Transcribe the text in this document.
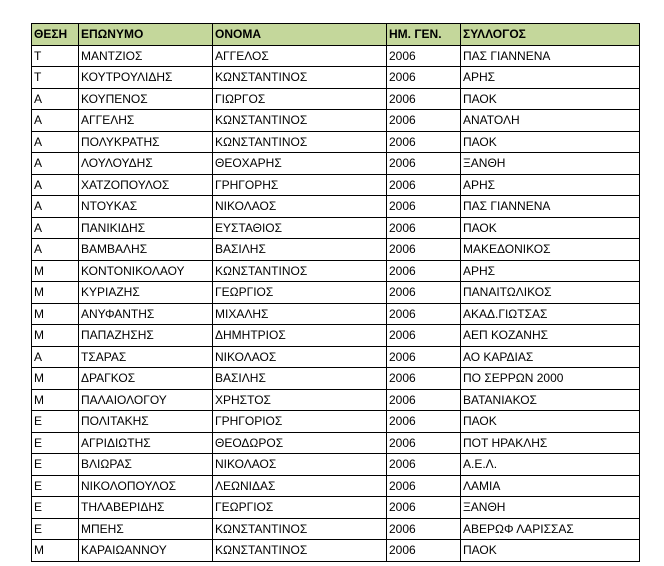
ΘΕΣΗ	ΕΠΩΝΥΜΟ	ΟΝΟΜΑ	ΗΜ. ΓΕΝ.	ΣΥΛΛΟΓΟΣ
Τ	ΜΑΝΤΖΙΟΣ	ΑΓΓΕΛΟΣ	2006	ΠΑΣ ΓΙΑΝΝΕΝΑ
Τ	ΚΟΥΤΡΟΥΛΙΔΗΣ	ΚΩΝΣΤΑΝΤΙΝΟΣ	2006	ΑΡΗΣ
Α	ΚΟΥΠΕΝΟΣ	ΓΙΩΡΓΟΣ	2006	ΠΑΟΚ
Α	ΑΓΓΕΛΗΣ	ΚΩΝΣΤΑΝΤΙΝΟΣ	2006	ΑΝΑΤΟΛΗ
Α	ΠΟΛΥΚΡΑΤΗΣ	ΚΩΝΣΤΑΝΤΙΝΟΣ	2006	ΠΑΟΚ
Α	ΛΟΥΛΟΥΔΗΣ	ΘΕΟΧΑΡΗΣ	2006	ΞΑΝΘΗ
Α	ΧΑΤΖΟΠΟΥΛΟΣ	ΓΡΗΓΟΡΗΣ	2006	ΑΡΗΣ
Α	ΝΤΟΥΚΑΣ	ΝΙΚΟΛΑΟΣ	2006	ΠΑΣ ΓΙΑΝΝΕΝΑ
Α	ΠΑΝΙΚΙΔΗΣ	ΕΥΣΤΑΘΙΟΣ	2006	ΠΑΟΚ
Α	ΒΑΜΒΑΛΗΣ	ΒΑΣΙΛΗΣ	2006	ΜΑΚΕΔΟΝΙΚΟΣ
Μ	ΚΟΝΤΟΝΙΚΟΛΑΟΥ	ΚΩΝΣΤΑΝΤΙΝΟΣ	2006	ΑΡΗΣ
Μ	ΚΥΡΙΑΖΗΣ	ΓΕΩΡΓΙΟΣ	2006	ΠΑΝΑΙΤΩΛΙΚΟΣ
Μ	ΑΝΥΦΑΝΤΗΣ	ΜΙΧΑΛΗΣ	2006	ΑΚΑΔ.ΓΙΩΤΣΑΣ
Μ	ΠΑΠΑΖΗΣΗΣ	ΔΗΜΗΤΡΙΟΣ	2006	ΑΕΠ ΚΟΖΑΝΗΣ
Α	ΤΣΑΡΑΣ	ΝΙΚΟΛΑΟΣ	2006	ΑΟ ΚΑΡΔΙΑΣ
Μ	ΔΡΑΓΚΟΣ	ΒΑΣΙΛΗΣ	2006	ΠΟ ΣΕΡΡΩΝ 2000
Μ	ΠΑΛΑΙΟΛΟΓΟΥ	ΧΡΗΣΤΟΣ	2006	ΒΑΤΑΝΙΑΚΟΣ
Ε	ΠΟΛΙΤΑΚΗΣ	ΓΡΗΓΟΡΙΟΣ	2006	ΠΑΟΚ
Ε	ΑΓΡΙΔΙΩΤΗΣ	ΘΕΟΔΩΡΟΣ	2006	ΠΟΤ ΗΡΑΚΛΗΣ
Ε	ΒΛΙΩΡΑΣ	ΝΙΚΟΛΑΟΣ	2006	Α.Ε.Λ.
Ε	ΝΙΚΟΛΟΠΟΥΛΟΣ	ΛΕΩΝΙΔΑΣ	2006	ΛΑΜΙΑ
Ε	ΤΗΛΑΒΕΡΙΔΗΣ	ΓΕΩΡΓΙΟΣ	2006	ΞΑΝΘΗ
Ε	ΜΠΕΗΣ	ΚΩΝΣΤΑΝΤΙΝΟΣ	2006	ΑΒΕΡΩΦ ΛΑΡΙΣΣΑΣ
Μ	ΚΑΡΑΙΩΑΝΝΟΥ	ΚΩΝΣΤΑΝΤΙΝΟΣ	2006	ΠΑΟΚ
